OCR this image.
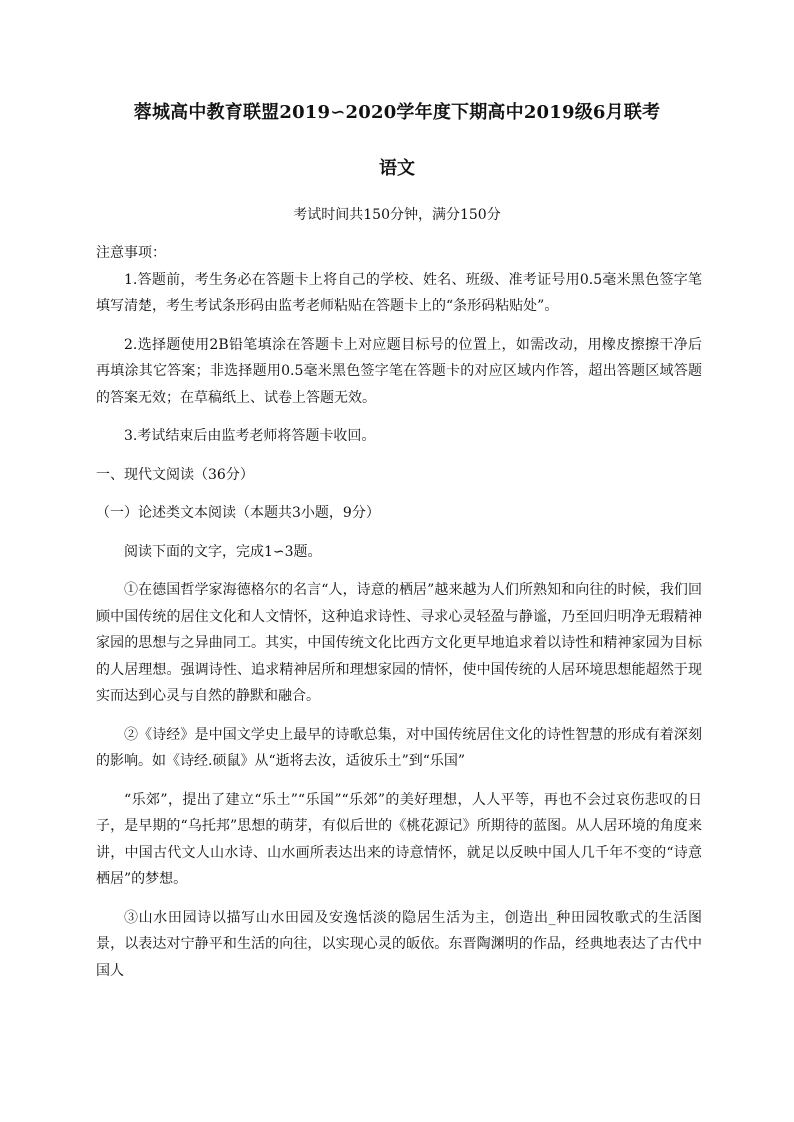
蓉城高中教育联盟2019∽2020学年度下期高中2019级6月联考
语文
考试时间共150分钟，满分150分

注意事项：

1.答题前，考生务必在答题卡上将自己的学校、姓名、班级、准考证号用0.5毫米黑色签字笔填写清楚，考生考试条形码由监考老师粘贴在答题卡上的“条形码粘贴处”。

2.选择题使用2B铅笔填涂在答题卡上对应题目标号的位置上，如需改动，用橡皮擦擦干净后再填涂其它答案；非选择题用0.5毫米黑色签字笔在答题卡的对应区域内作答，超出答题区域答题的答案无效；在草稿纸上、试卷上答题无效。

3.考试结束后由监考老师将答题卡收回。

一、现代文阅读（36分）

（一）论述类文本阅读（本题共3小题，9分）

阅读下面的文字，完成1∽3题。

①在德国哲学家海德格尔的名言“人，诗意的栖居”越来越为人们所熟知和向往的时候，我们回顾中国传统的居住文化和人文情怀，这种追求诗性、寻求心灵轻盈与静谧，乃至回归明净无瑕精神家园的思想与之异曲同工。其实，中国传统文化比西方文化更早地追求着以诗性和精神家园为目标的人居理想。强调诗性、追求精神居所和理想家园的情怀，使中国传统的人居环境思想能超然于现实而达到心灵与自然的静默和融合。

②《诗经》是中国文学史上最早的诗歌总集，对中国传统居住文化的诗性智慧的形成有着深刻的影响。如《诗经.硕鼠》从“逝将去汝，适彼乐土”到“乐国”

“乐郊”，提出了建立“乐土”“乐国”“乐郊”的美好理想，人人平等，再也不会过哀伤悲叹的日子，是早期的“乌托邦”思想的萌芽，有似后世的《桃花源记》所期待的蓝图。从人居环境的角度来讲，中国古代文人山水诗、山水画所表达出来的诗意情怀，就足以反映中国人几千年不变的“诗意栖居”的梦想。

③山水田园诗以描写山水田园及安逸恬淡的隐居生活为主，创造出_种田园牧歌式的生活图景，以表达对宁静平和生活的向往，以实现心灵的皈依。东晋陶渊明的作品，经典地表达了古代中国人
